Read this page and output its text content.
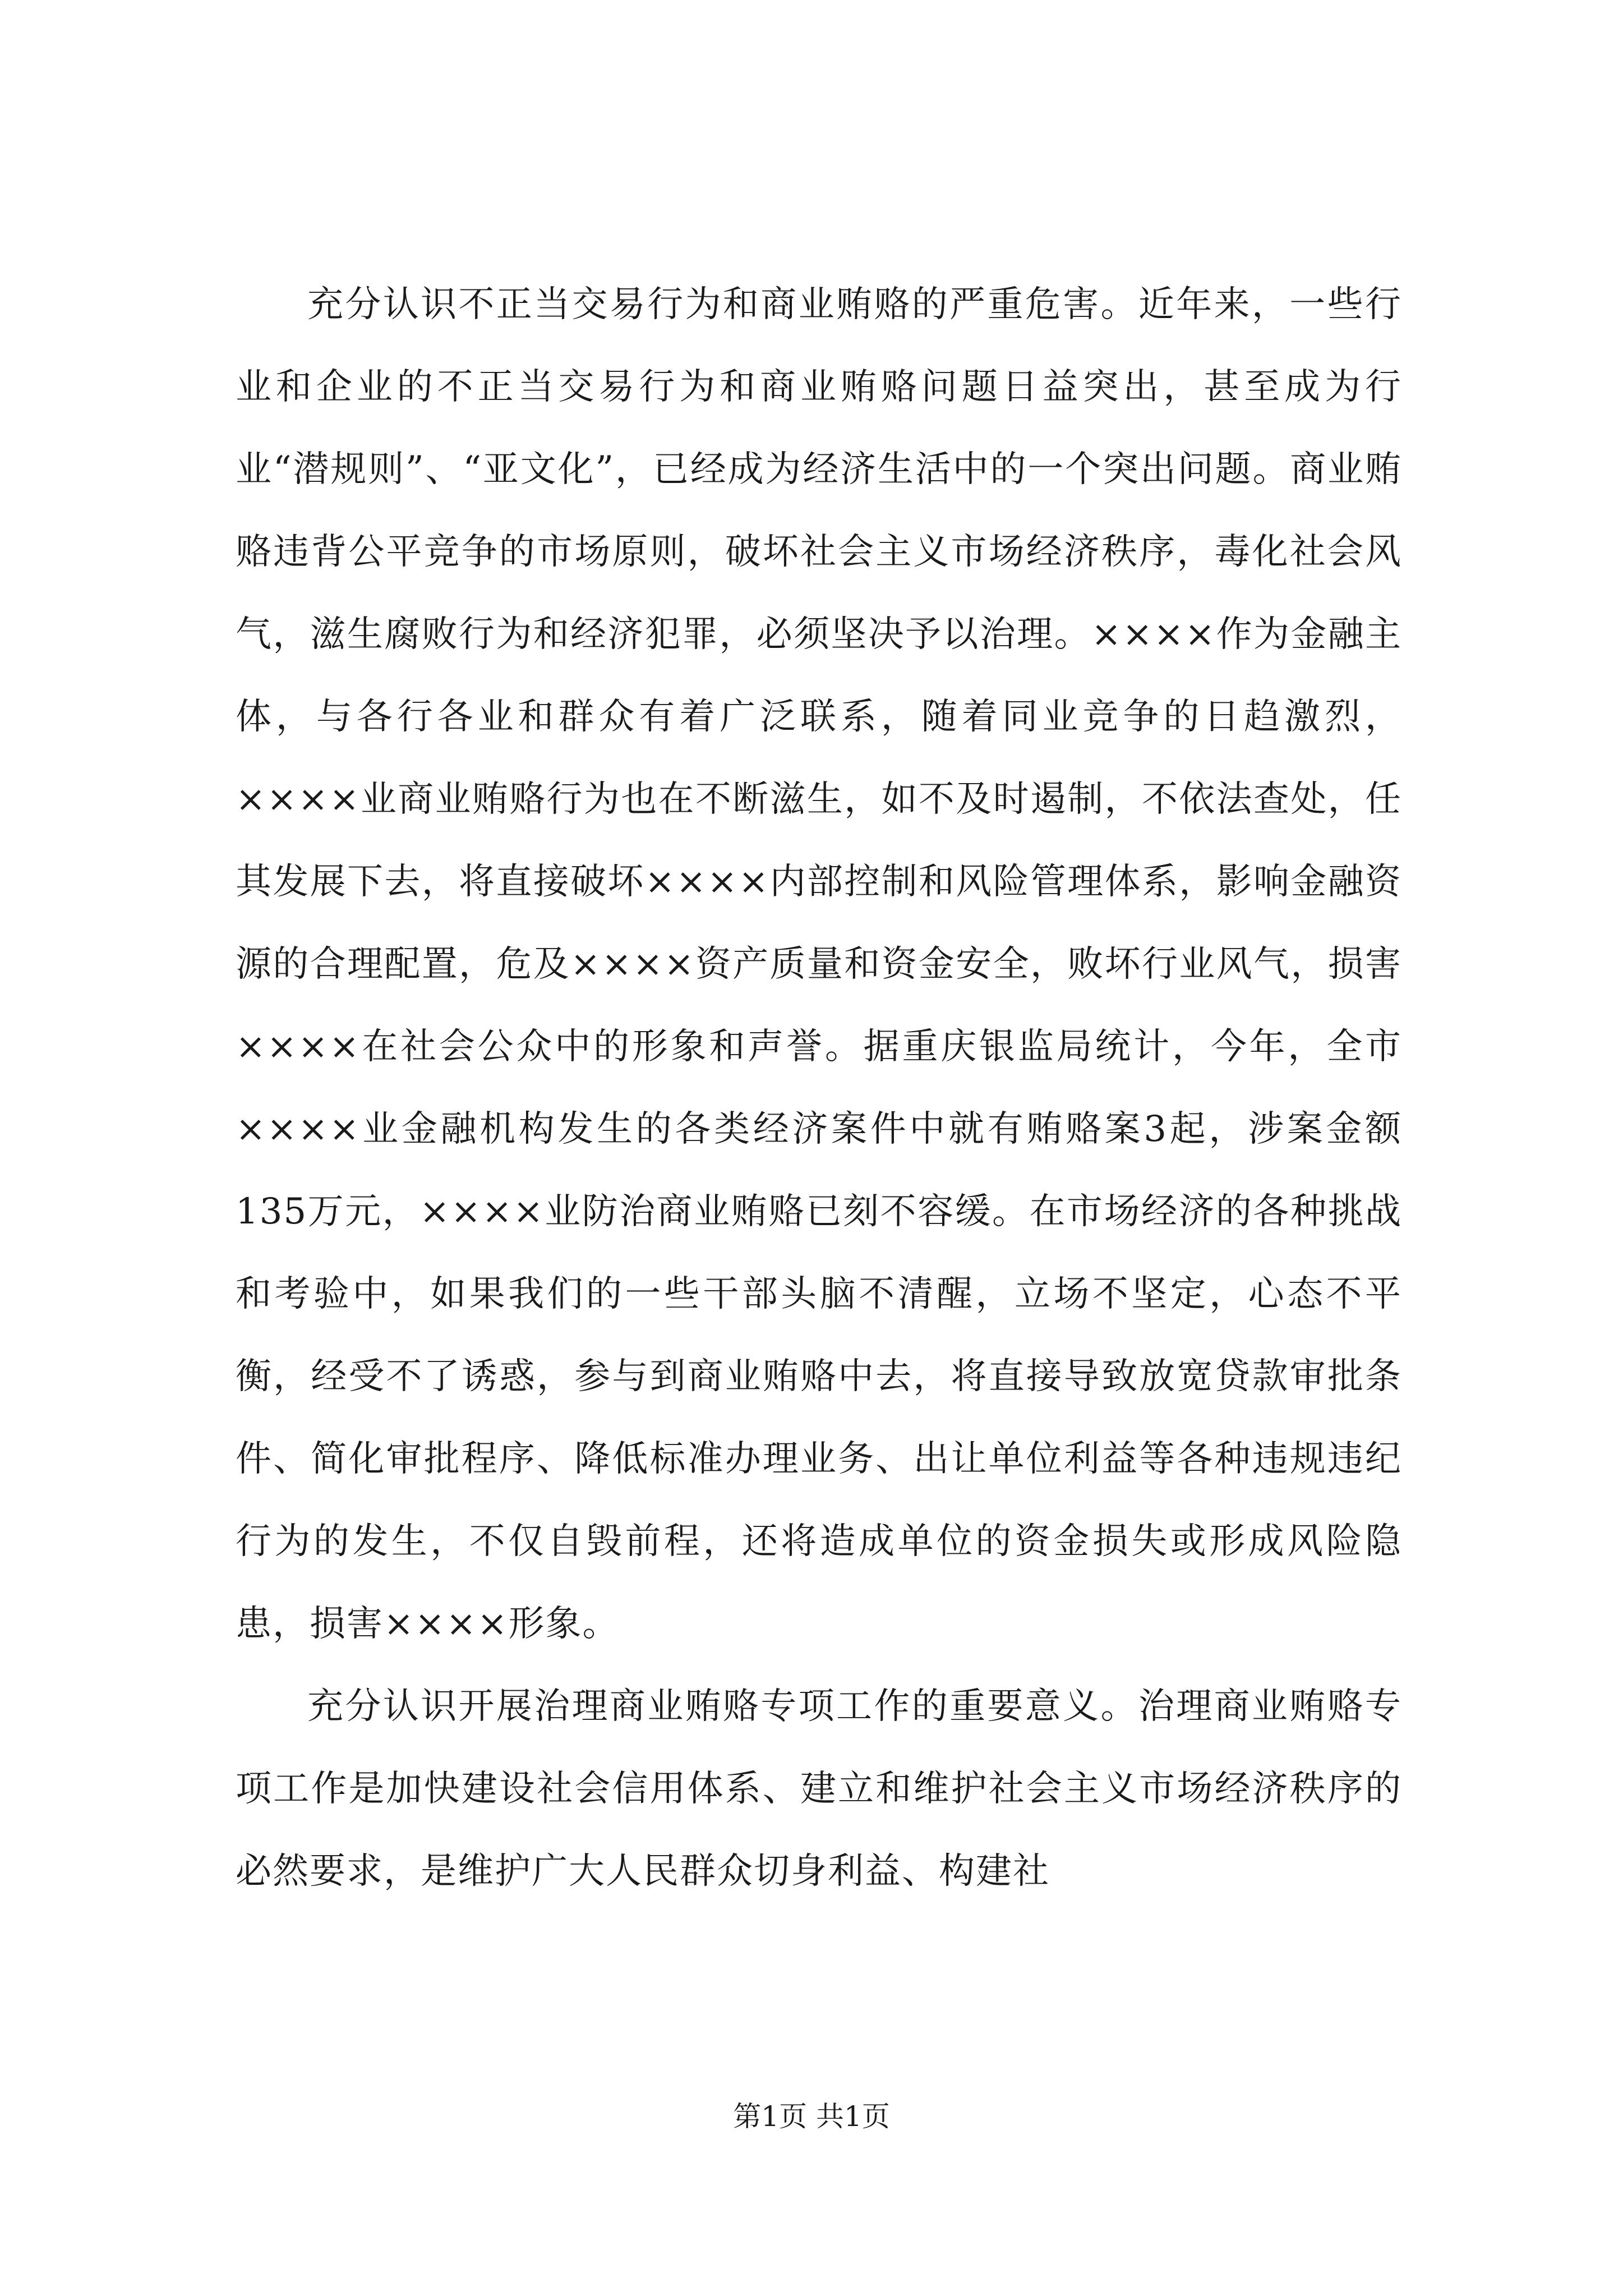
充分认识不正当交易行为和商业贿赂的严重危害。近年来，一些行业和企业的不正当交易行为和商业贿赂问题日益突出，甚至成为行业“潜规则”、“亚文化”，已经成为经济生活中的一个突出问题。商业贿赂违背公平竞争的市场原则，破坏社会主义市场经济秩序，毒化社会风气，滋生腐败行为和经济犯罪，必须坚决予以治理。××××作为金融主体，与各行各业和群众有着广泛联系，随着同业竞争的日趋激烈，××××业商业贿赂行为也在不断滋生，如不及时遏制，不依法查处，任其发展下去，将直接破坏××××内部控制和风险管理体系，影响金融资源的合理配置，危及××××资产质量和资金安全，败坏行业风气，损害××××在社会公众中的形象和声誉。据重庆银监局统计，今年，全市××××业金融机构发生的各类经济案件中就有贿赂案3起，涉案金额135万元，××××业防治商业贿赂已刻不容缓。在市场经济的各种挑战和考验中，如果我们的一些干部头脑不清醒，立场不坚定，心态不平衡，经受不了诱惑，参与到商业贿赂中去，将直接导致放宽贷款审批条件、简化审批程序、降低标准办理业务、出让单位利益等各种违规违纪行为的发生，不仅自毁前程，还将造成单位的资金损失或形成风险隐患，损害××××形象。

充分认识开展治理商业贿赂专项工作的重要意义。治理商业贿赂专项工作是加快建设社会信用体系、建立和维护社会主义市场经济秩序的必然要求，是维护广大人民群众切身利益、构建社

第1页 共1页
